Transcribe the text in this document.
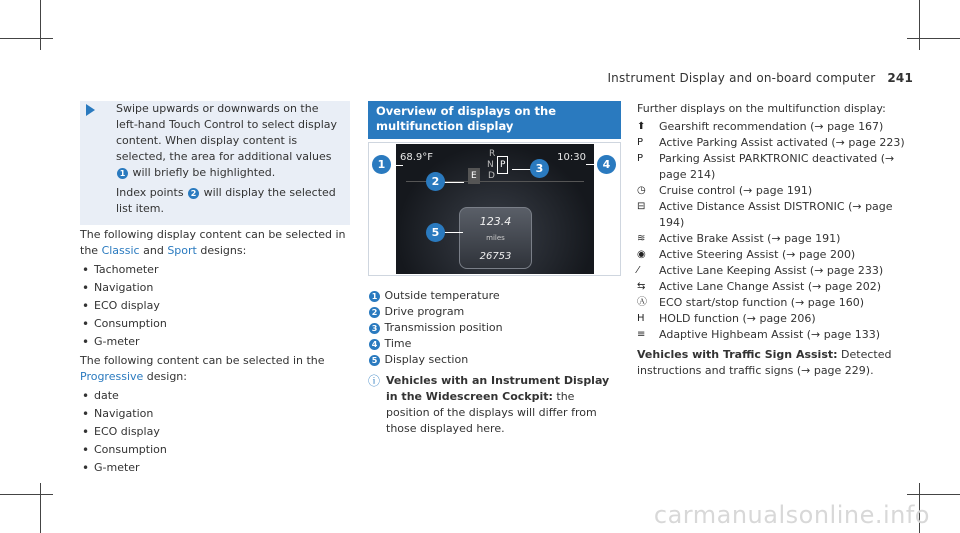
Instrument Display and on-board computer 241

Swipe upwards or downwards on the left-hand Touch Control to select display content. When display content is selected, the area for additional values 1 will briefly be highlighted.

Index points 2 will display the selected list item.

The following display content can be selected in the Classic and Sport designs:

• Tachometer
• Navigation
• ECO display
• Consumption
• G-meter

The following content can be selected in the Progressive design:

• date
• Navigation
• ECO display
• Consumption
• G-meter
Overview of displays on the multifunction display
68.9°F	10:30
R
N P
D
E
123.4
miles
26753
1
2
3	4
5
1 Outside temperature
2 Drive program
3 Transmission position
4 Time
5 Display section
ⓘ Vehicles with an Instrument Display in the Widescreen Cockpit: the position of the displays will differ from those displayed here.

Further displays on the multifunction display:

⬆	Gearshift recommendation (→ page 167)
P	Active Parking Assist activated (→ page 223)
P	Parking Assist PARKTRONIC deactivated (→ page 214)
◷	Cruise control (→ page 191)
⊟	Active Distance Assist DISTRONIC (→ page 194)
≋	Active Brake Assist (→ page 191)
◉	Active Steering Assist (→ page 200)
⁄	Active Lane Keeping Assist (→ page 233)
⇆	Active Lane Change Assist (→ page 202)
Ⓐ	ECO start/stop function (→ page 160)
H	HOLD function (→ page 206)
≡	Adaptive Highbeam Assist (→ page 133)

Vehicles with Traffic Sign Assist: Detected instructions and traffic signs (→ page 229).

carmanualsonline.info
